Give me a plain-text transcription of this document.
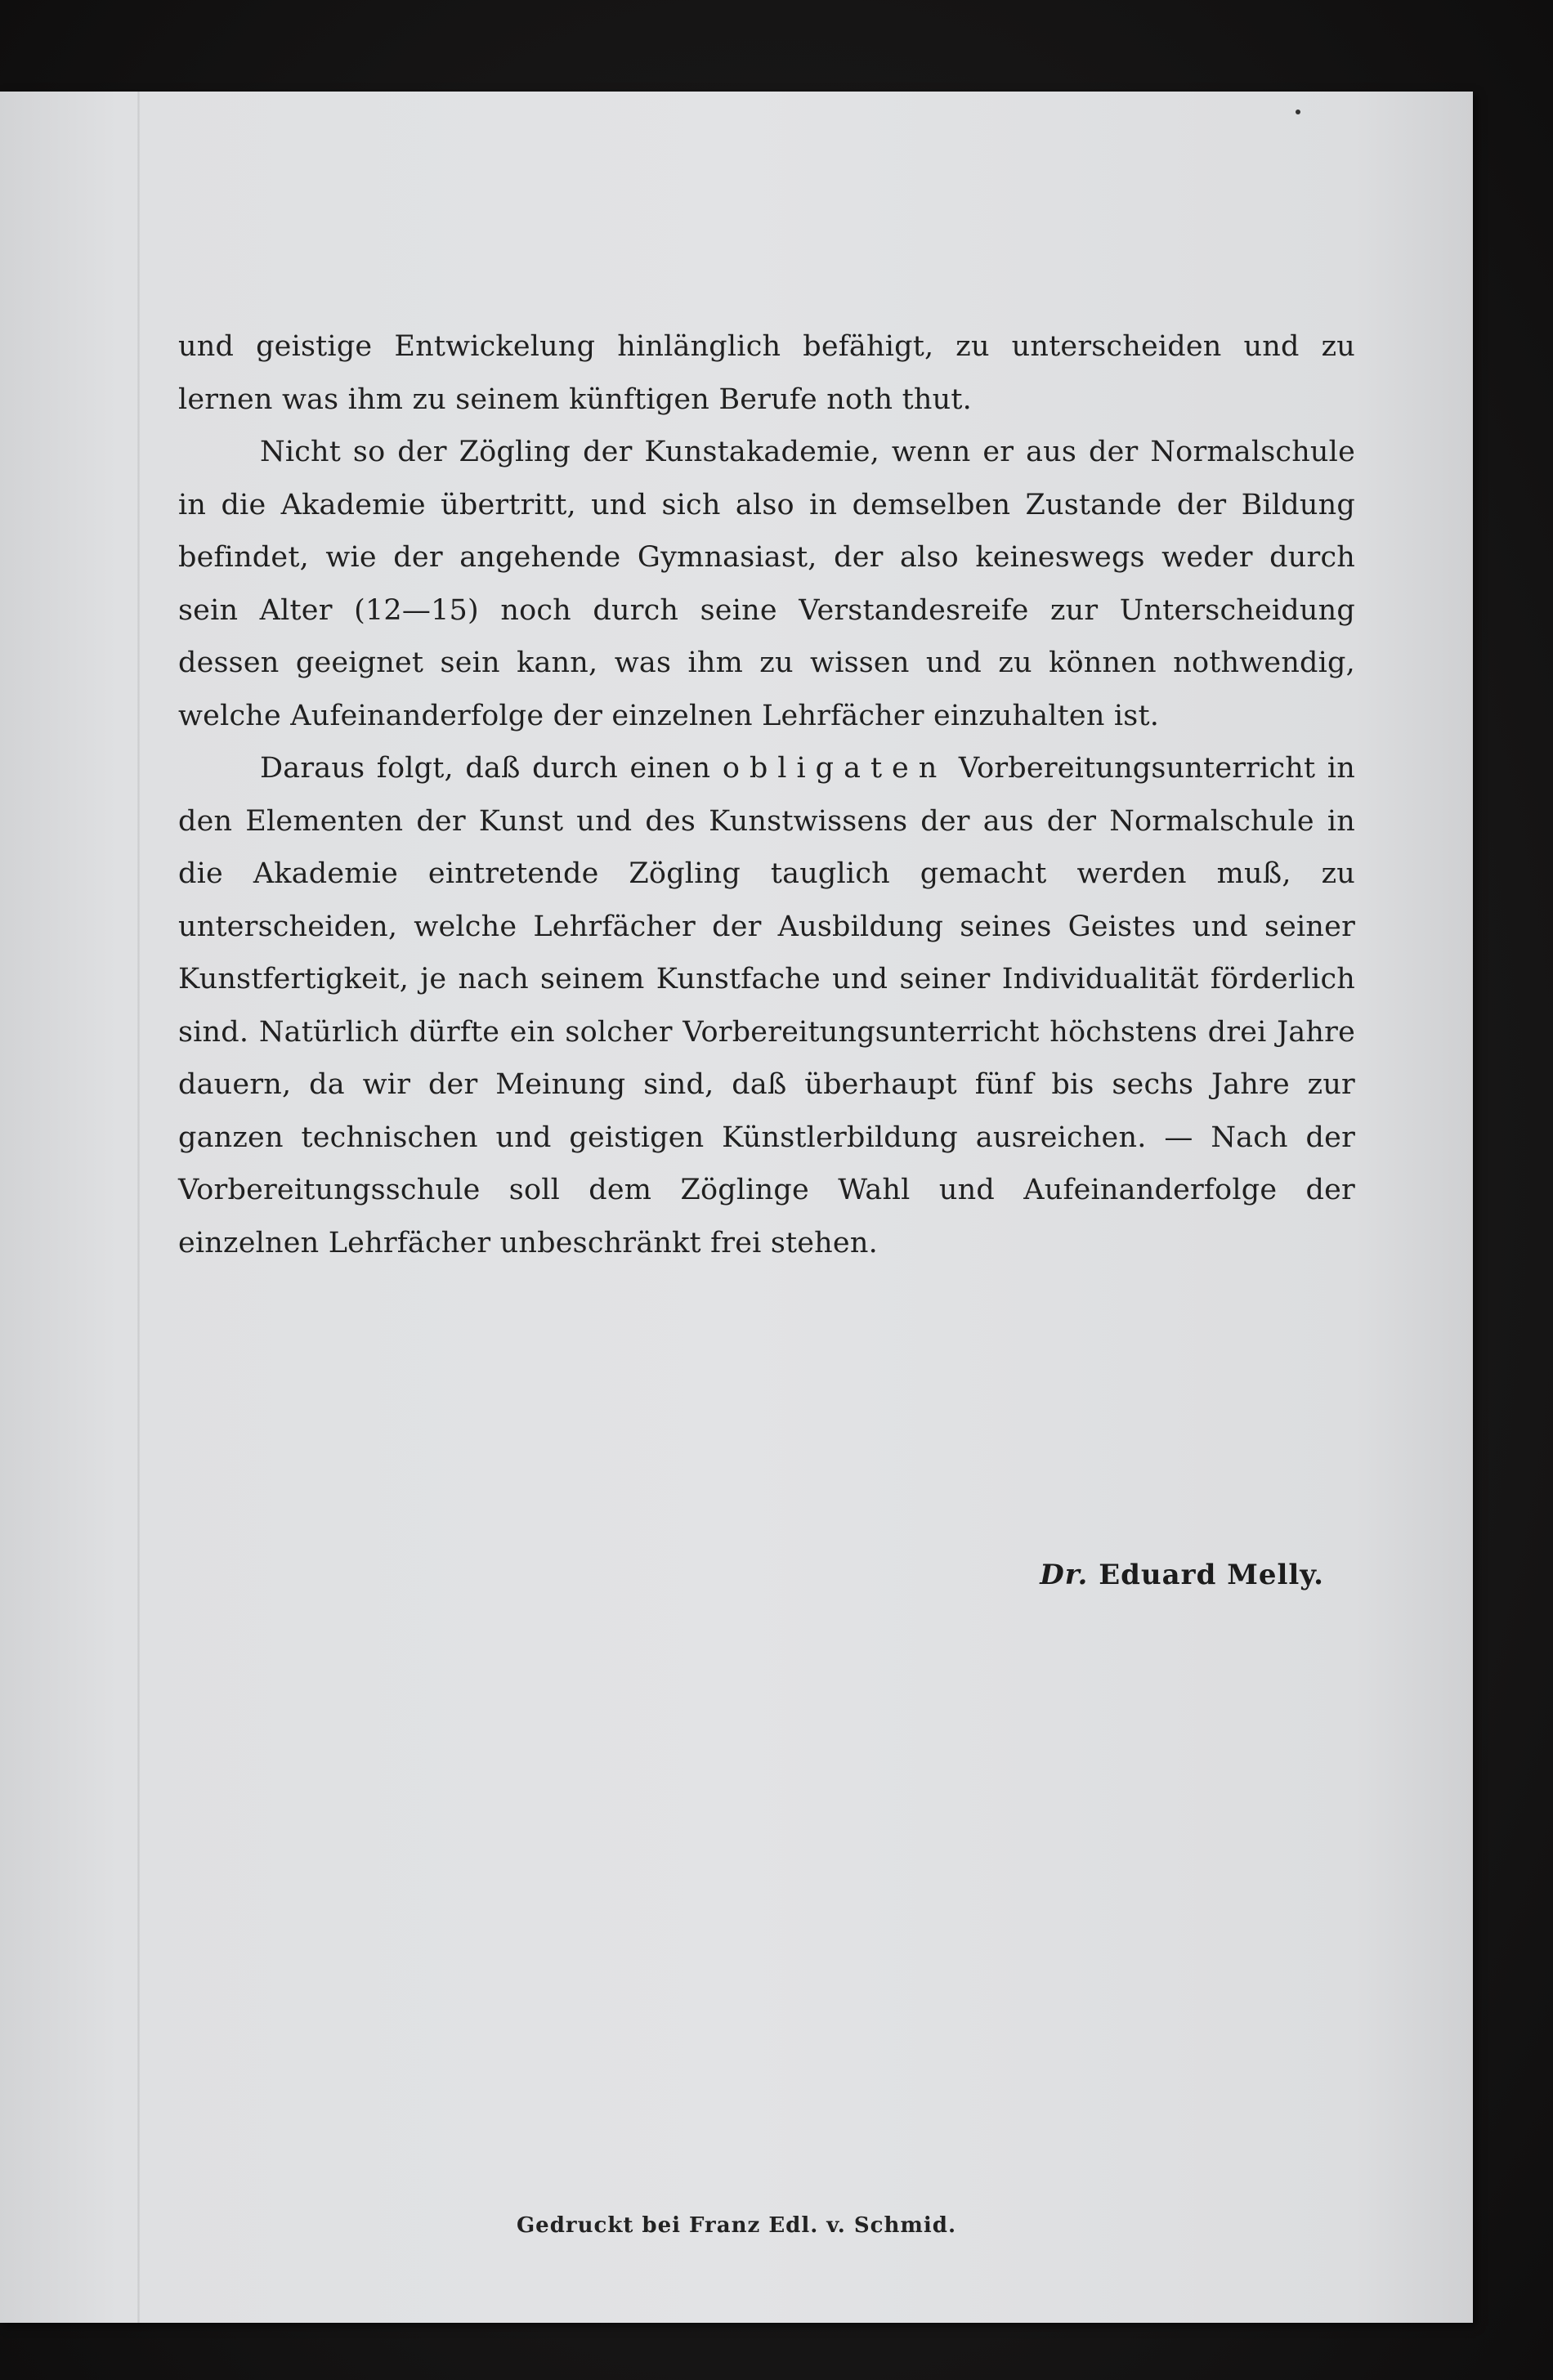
und geistige Entwickelung hinlänglich befähigt, zu unterscheiden und zu lernen was ihm zu seinem künftigen Berufe noth thut.

Nicht so der Zögling der Kunstakademie, wenn er aus der Normalschule in die Akademie übertritt, und sich also in demselben Zustande der Bildung befindet, wie der angehende Gymnasiast, der also keineswegs weder durch sein Alter (12—15) noch durch seine Verstandesreife zur Unterscheidung dessen geeignet sein kann, was ihm zu wissen und zu können nothwendig, welche Aufeinanderfolge der einzelnen Lehrfächer einzuhalten ist.

Daraus folgt, daß durch einen obligaten Vorbereitungsunterricht in den Elementen der Kunst und des Kunstwissens der aus der Normalschule in die Akademie eintretende Zögling tauglich gemacht werden muß, zu unterscheiden, welche Lehrfächer der Ausbildung seines Geistes und seiner Kunstfertigkeit, je nach seinem Kunstfache und seiner Individualität förderlich sind. Natürlich dürfte ein solcher Vorbereitungsunterricht höchstens drei Jahre dauern, da wir der Meinung sind, daß überhaupt fünf bis sechs Jahre zur ganzen technischen und geistigen Künstlerbildung ausreichen. — Nach der Vorbereitungsschule soll dem Zöglinge Wahl und Aufeinanderfolge der einzelnen Lehrfächer unbeschränkt frei stehen.

Dr. Eduard Melly.
Gedruckt bei Franz Edl. v. Schmid.
